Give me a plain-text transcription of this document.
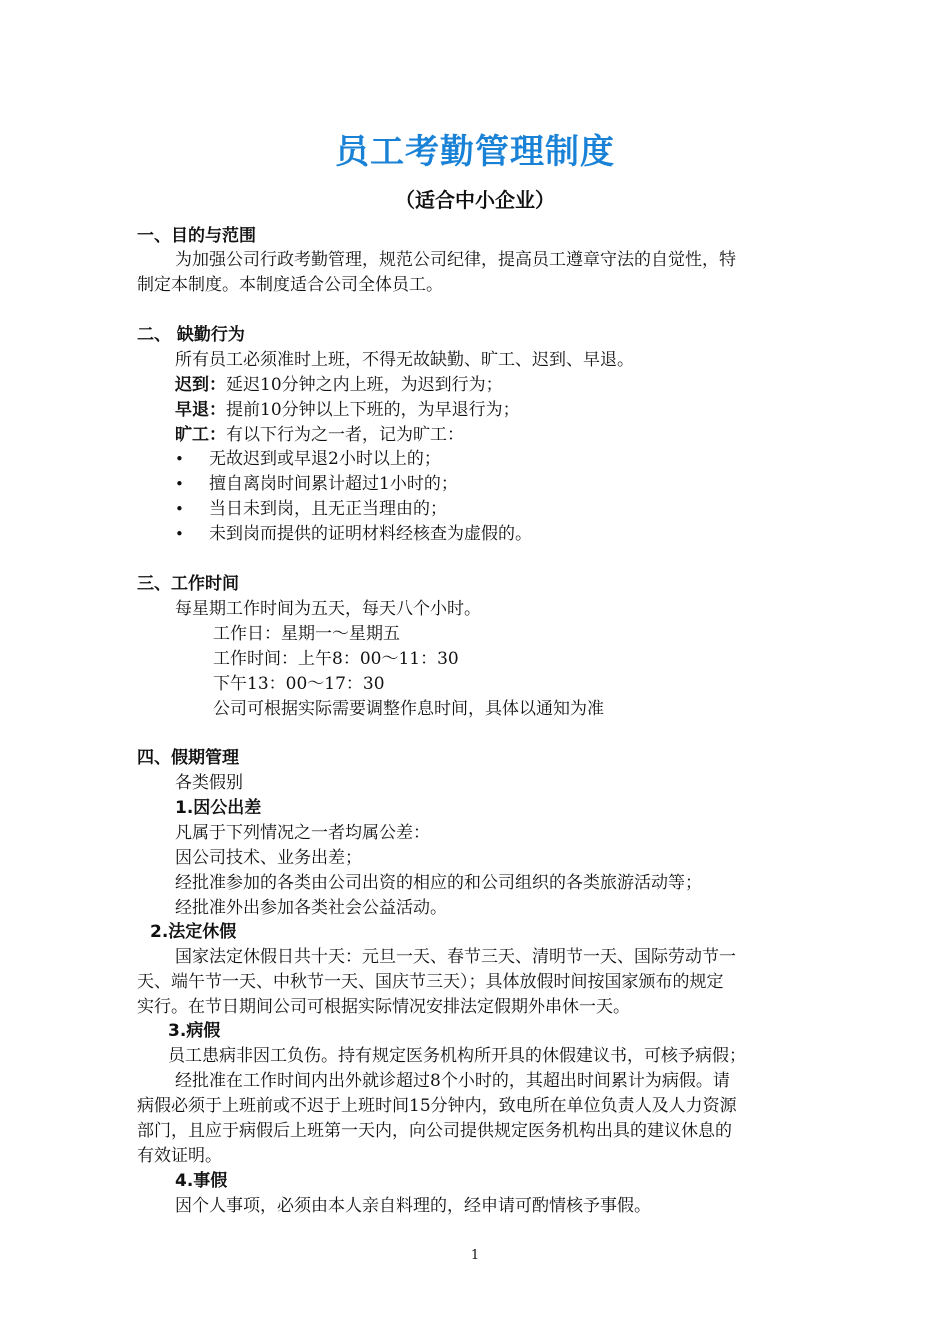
员工考勤管理制度
（适合中小企业）
一、目的与范围
为加强公司行政考勤管理，规范公司纪律，提高员工遵章守法的自觉性，特
制定本制度。本制度适合公司全体员工。
二、 缺勤行为
所有员工必须准时上班，不得无故缺勤、旷工、迟到、早退。
迟到：延迟10分钟之内上班，为迟到行为；
早退：提前10分钟以上下班的，为早退行为；
旷工：有以下行为之一者，记为旷工：
• 无故迟到或早退2小时以上的；
• 擅自离岗时间累计超过1小时的；
• 当日未到岗，且无正当理由的；
• 未到岗而提供的证明材料经核查为虚假的。
三、工作时间
每星期工作时间为五天，每天八个小时。
工作日：星期一～星期五
工作时间：上午8：00～11：30
下午13：00～17：30
公司可根据实际需要调整作息时间，具体以通知为准
四、假期管理
各类假别
1.因公出差
凡属于下列情况之一者均属公差：
因公司技术、业务出差；
经批准参加的各类由公司出资的相应的和公司组织的各类旅游活动等；
经批准外出参加各类社会公益活动。
2.法定休假
国家法定休假日共十天：元旦一天、春节三天、清明节一天、国际劳动节一
天、端午节一天、中秋节一天、国庆节三天）；具体放假时间按国家颁布的规定
实行。在节日期间公司可根据实际情况安排法定假期外串休一天。
3.病假
员工患病非因工负伤。持有规定医务机构所开具的休假建议书，可核予病假；
经批准在工作时间内出外就诊超过8个小时的，其超出时间累计为病假。请
病假必须于上班前或不迟于上班时间15分钟内，致电所在单位负责人及人力资源
部门，且应于病假后上班第一天内，向公司提供规定医务机构出具的建议休息的
有效证明。
4.事假
因个人事项，必须由本人亲自料理的，经申请可酌情核予事假。
1
